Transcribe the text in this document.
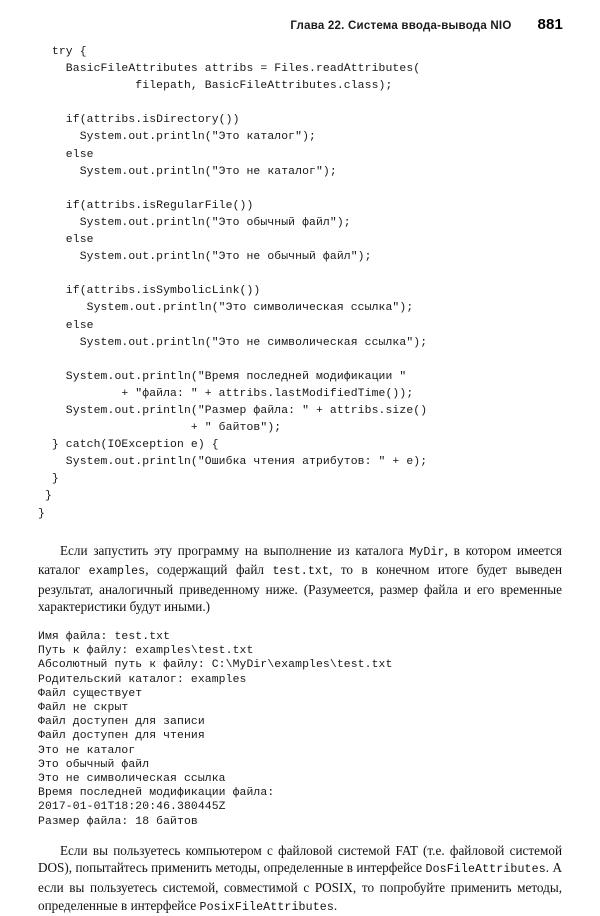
Глава 22. Система ввода-вывода NIO 881
try {
BasicFileAttributes attribs = Files.readAttributes(
filepath, BasicFileAttributes.class);

if(attribs.isDirectory())
System.out.println("Это каталог");
else
System.out.println("Это не каталог");

if(attribs.isRegularFile())
System.out.println("Это обычный файл");
else
System.out.println("Это не обычный файл");

if(attribs.isSymbolicLink())
System.out.println("Это символическая ссылка");
else
System.out.println("Это не символическая ссылка");

System.out.println("Время последней модификации "
+ "файла: " + attribs.lastModifiedTime());
System.out.println("Размер файла: " + attribs.size()
+ " байтов");
} catch(IOException e) {
System.out.println("Ошибка чтения атрибутов: " + e);
}
}
}

Если запустить эту программу на выполнение из каталога MyDir, в котором имеется каталог examples, содержащий файл test.txt, то в конечном итоге будет выведен результат, аналогичный приведенному ниже. (Разумеется, размер файла и его временные характеристики будут иными.)

Имя файла: test.txt
Путь к файлу: examples\test.txt
Абсолютный путь к файлу: C:\MyDir\examples\test.txt
Родительский каталог: examples
Файл существует
Файл не скрыт
Файл доступен для записи
Файл доступен для чтения
Это не каталог
Это обычный файл
Это не символическая ссылка
Время последней модификации файла:
2017-01-01T18:20:46.380445Z
Размер файла: 18 байтов

Если вы пользуетесь компьютером с файловой системой FAT (т.е. файловой системой DOS), попытайтесь применить методы, определенные в интерфейсе DosFileAttributes. А если вы пользуетесь системой, совместимой с POSIX, то попробуйте применить методы, определенные в интерфейсе PosixFileAttributes.
